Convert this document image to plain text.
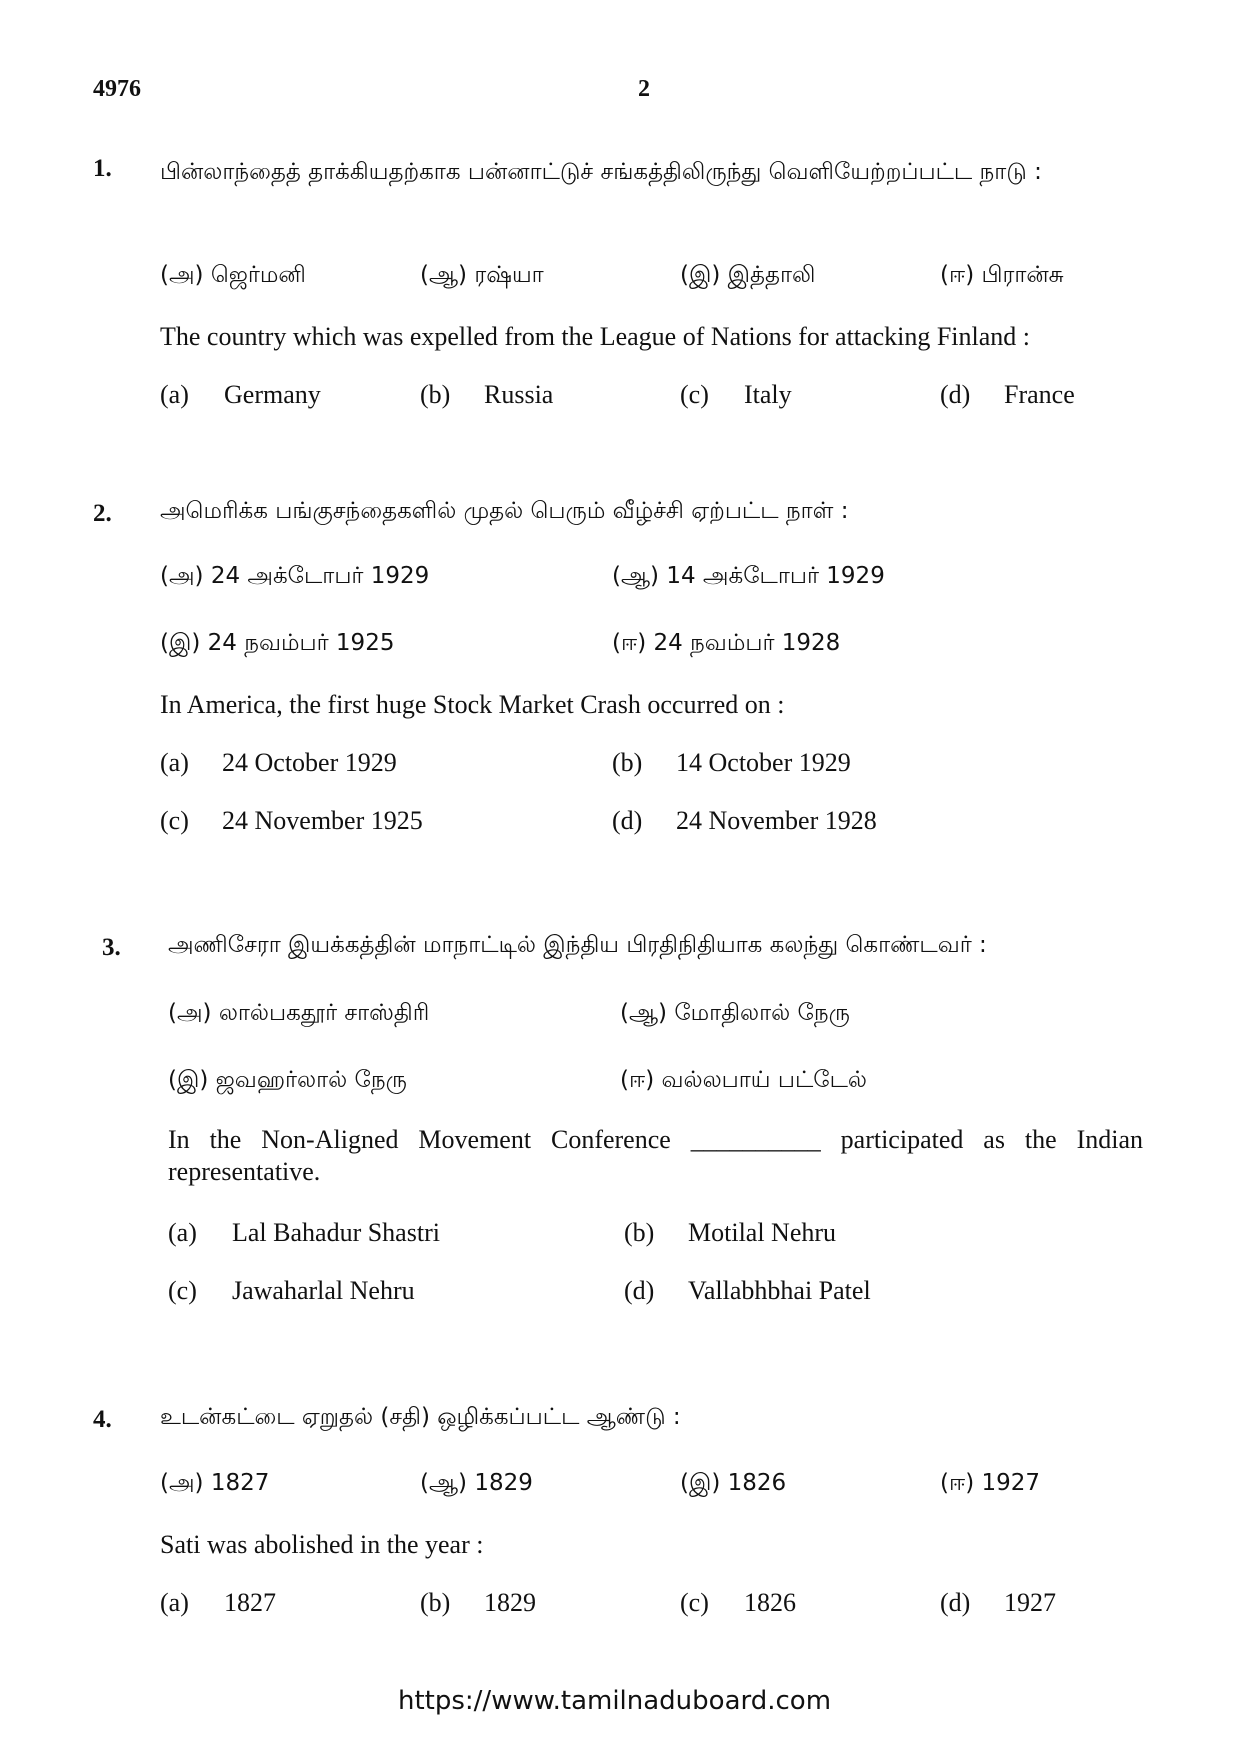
4976	2
1. பின்லாந்தைத் தாக்கியதற்காக பன்னாட்டுச் சங்கத்திலிருந்து வெளியேற்றப்பட்ட நாடு :
(அ) ஜெர்மனி	(ஆ) ரஷ்யா	(இ) இத்தாலி	(ஈ) பிரான்சு
The country which was expelled from the League of Nations for attacking Finland :
(a) Germany	(b) Russia	(c) Italy	(d) France
2. அமெரிக்க பங்குசந்தைகளில் முதல் பெரும் வீழ்ச்சி ஏற்பட்ட நாள் :
(அ) 24 அக்டோபர் 1929	(ஆ) 14 அக்டோபர் 1929
(இ) 24 நவம்பர் 1925	(ஈ) 24 நவம்பர் 1928
In America, the first huge Stock Market Crash occurred on :
(a) 24 October 1929	(b) 14 October 1929
(c) 24 November 1925	(d) 24 November 1928
3. அணிசேரா இயக்கத்தின் மாநாட்டில் இந்திய பிரதிநிதியாக கலந்து கொண்டவர் :
(அ) லால்பகதூர் சாஸ்திரி	(ஆ) மோதிலால் நேரு
(இ) ஜவஹர்லால் நேரு	(ஈ) வல்லபாய் பட்டேல்
In the Non-Aligned Movement Conference __________ participated as the Indian representative.
(a) Lal Bahadur Shastri	(b) Motilal Nehru
(c) Jawaharlal Nehru	(d) Vallabhbhai Patel
4. உடன்கட்டை ஏறுதல் (சதி) ஒழிக்கப்பட்ட ஆண்டு :
(அ) 1827	(ஆ) 1829	(இ) 1826	(ஈ) 1927
Sati was abolished in the year :
(a) 1827	(b) 1829	(c) 1826	(d) 1927
https://www.tamilnaduboard.com
